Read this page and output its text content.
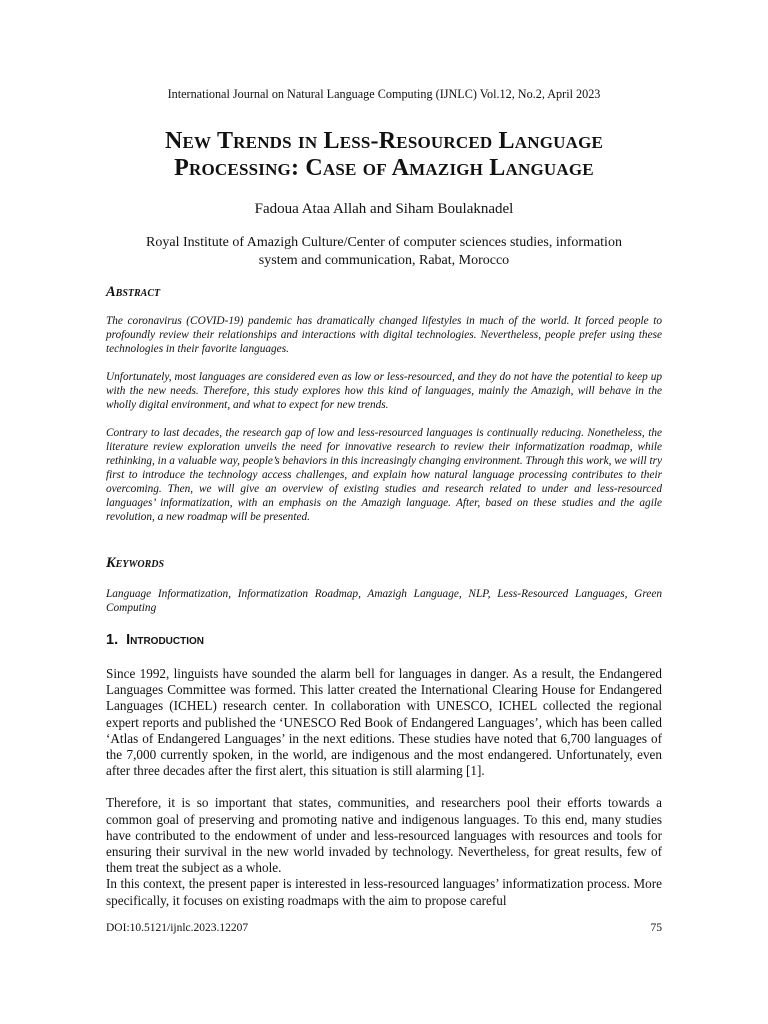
International Journal on Natural Language Computing (IJNLC) Vol.12, No.2, April 2023
New Trends in Less-Resourced Language
Processing: Case of Amazigh Language
Fadoua Ataa Allah and Siham Boulaknadel
Royal Institute of Amazigh Culture/Center of computer sciences studies, information
system and communication, Rabat, Morocco
Abstract

The coronavirus (COVID-19) pandemic has dramatically changed lifestyles in much of the world. It forced people to profoundly review their relationships and interactions with digital technologies. Nevertheless, people prefer using these technologies in their favorite languages.

Unfortunately, most languages are considered even as low or less-resourced, and they do not have the potential to keep up with the new needs. Therefore, this study explores how this kind of languages, mainly the Amazigh, will behave in the wholly digital environment, and what to expect for new trends.

Contrary to last decades, the research gap of low and less-resourced languages is continually reducing. Nonetheless, the literature review exploration unveils the need for innovative research to review their informatization roadmap, while rethinking, in a valuable way, people’s behaviors in this increasingly changing environment. Through this work, we will try first to introduce the technology access challenges, and explain how natural language processing contributes to their overcoming. Then, we will give an overview of existing studies and research related to under and less-resourced languages’ informatization, with an emphasis on the Amazigh language. After, based on these studies and the agile revolution, a new roadmap will be presented.

Keywords
Language Informatization, Informatization Roadmap, Amazigh Language, NLP, Less-Resourced Languages, Green Computing
1. Introduction

Since 1992, linguists have sounded the alarm bell for languages in danger. As a result, the Endangered Languages Committee was formed. This latter created the International Clearing House for Endangered Languages (ICHEL) research center. In collaboration with UNESCO, ICHEL collected the regional expert reports and published the ‘UNESCO Red Book of Endangered Languages’, which has been called ‘Atlas of Endangered Languages’ in the next editions. These studies have noted that 6,700 languages of the 7,000 currently spoken, in the world, are indigenous and the most endangered. Unfortunately, even after three decades after the first alert, this situation is still alarming [1].

Therefore, it is so important that states, communities, and researchers pool their efforts towards a common goal of preserving and promoting native and indigenous languages. To this end, many studies have contributed to the endowment of under and less-resourced languages with resources and tools for ensuring their survival in the new world invaded by technology. Nevertheless, for great results, few of them treat the subject as a whole.

In this context, the present paper is interested in less-resourced languages’ informatization process. More specifically, it focuses on existing roadmaps with the aim to propose careful

DOI:10.5121/ijnlc.2023.12207	75
